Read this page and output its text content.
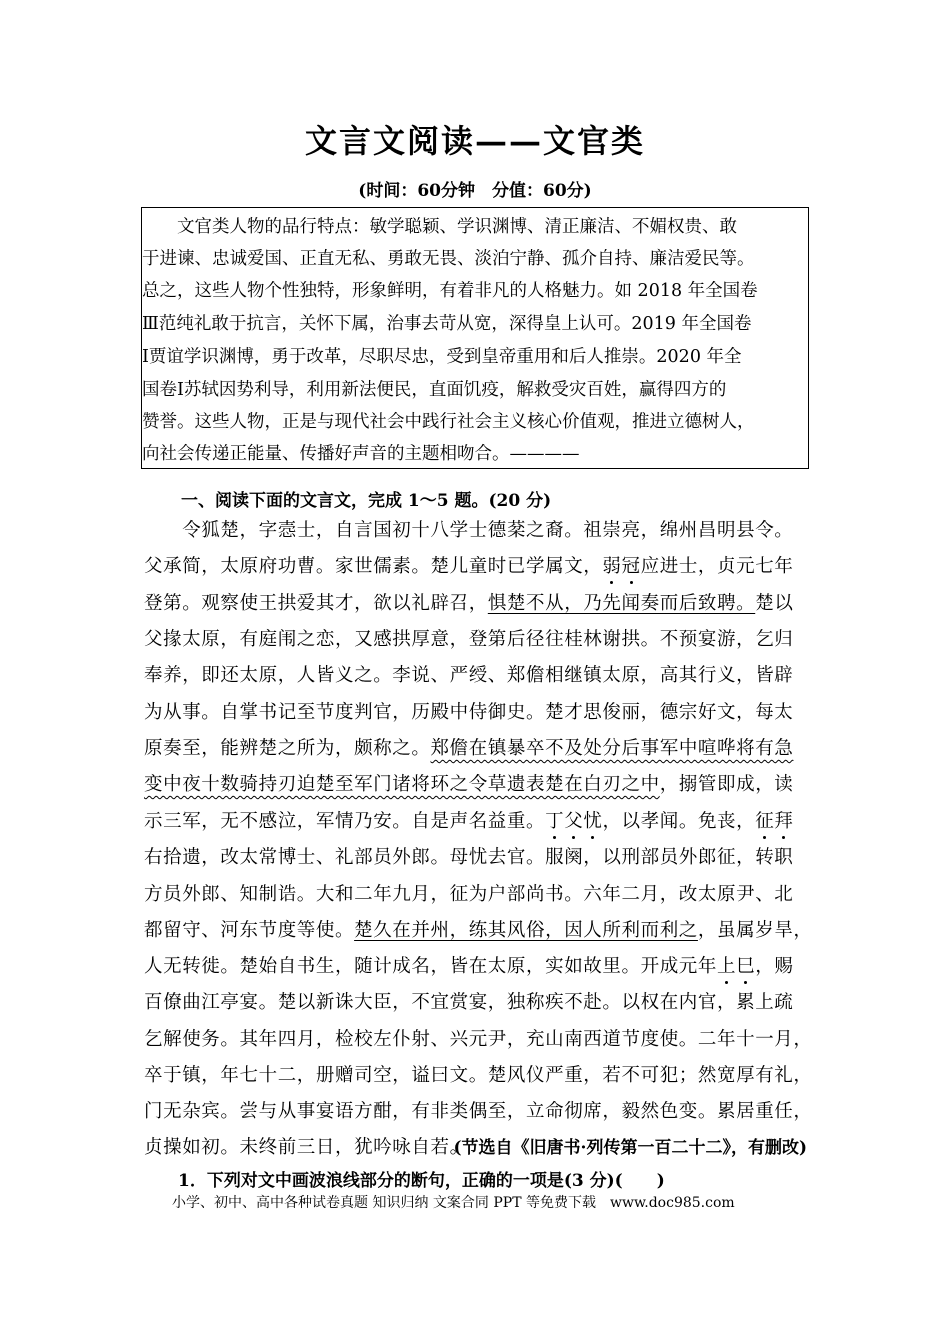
文言文阅读——文官类
(时间：60分钟　分值：60分)
　　文官类人物的品行特点：敏学聪颖、学识渊博、清正廉洁、不媚权贵、敢
于进谏、忠诚爱国、正直无私、勇敢无畏、淡泊宁静、孤介自持、廉洁爱民等。
总之，这些人物个性独特，形象鲜明，有着非凡的人格魅力。如 2018 年全国卷
Ⅲ范纯礼敢于抗言，关怀下属，治事去苛从宽，深得皇上认可。2019 年全国卷
Ⅰ贾谊学识渊博，勇于改革，尽职尽忠，受到皇帝重用和后人推崇。2020 年全
国卷Ⅰ苏轼因势利导，利用新法便民，直面饥疫，解救受灾百姓，赢得四方的
赞誉。这些人物，正是与现代社会中践行社会主义核心价值观，推进立德树人，
向社会传递正能量、传播好声音的主题相吻合。————
一、阅读下面的文言文，完成 1～5 题。(20 分)
　　令狐楚，字悫士，自言国初十八学士德棻之裔。祖崇亮，绵州昌明县令。
父承简，太原府功曹。家世儒素。楚儿童时已学属文，弱冠应进士，贞元七年
登第。观察使王拱爱其才，欲以礼辟召，惧楚不从，乃先闻奏而后致聘。楚以
父掾太原，有庭闱之恋，又感拱厚意，登第后径往桂林谢拱。不预宴游，乞归
奉养，即还太原，人皆义之。李说、严绶、郑儋相继镇太原，高其行义，皆辟
为从事。自掌书记至节度判官，历殿中侍御史。楚才思俊丽，德宗好文，每太
原奏至，能辨楚之所为，颇称之。郑儋在镇暴卒不及处分后事军中喧哗将有急
变中夜十数骑持刃迫楚至军门诸将环之令草遗表楚在白刃之中，搦管即成，读
示三军，无不感泣，军情乃安。自是声名益重。丁父忧，以孝闻。免丧，征拜
右拾遗，改太常博士、礼部员外郎。母忧去官。服阕，以刑部员外郎征，转职
方员外郎、知制诰。大和二年九月，征为户部尚书。六年二月，改太原尹、北
都留守、河东节度等使。楚久在并州，练其风俗，因人所利而利之，虽属岁旱，
人无转徙。楚始自书生，随计成名，皆在太原，实如故里。开成元年上巳，赐
百僚曲江亭宴。楚以新诛大臣，不宜赏宴，独称疾不赴。以权在内官，累上疏
乞解使务。其年四月，检校左仆射、兴元尹，充山南西道节度使。二年十一月，
卒于镇，年七十二，册赠司空，谥曰文。楚风仪严重，若不可犯；然宽厚有礼，
门无杂宾。尝与从事宴语方酣，有非类偶至，立命彻席，毅然色变。累居重任，
贞操如初。未终前三日，犹吟咏自若。
(节选自《旧唐书·列传第一百二十二》，有删改)
1．下列对文中画波浪线部分的断句，正确的一项是(3 分)(　　)
小学、初中、高中各种试卷真题 知识归纳 文案合同 PPT 等免费下载　www.doc985.com
